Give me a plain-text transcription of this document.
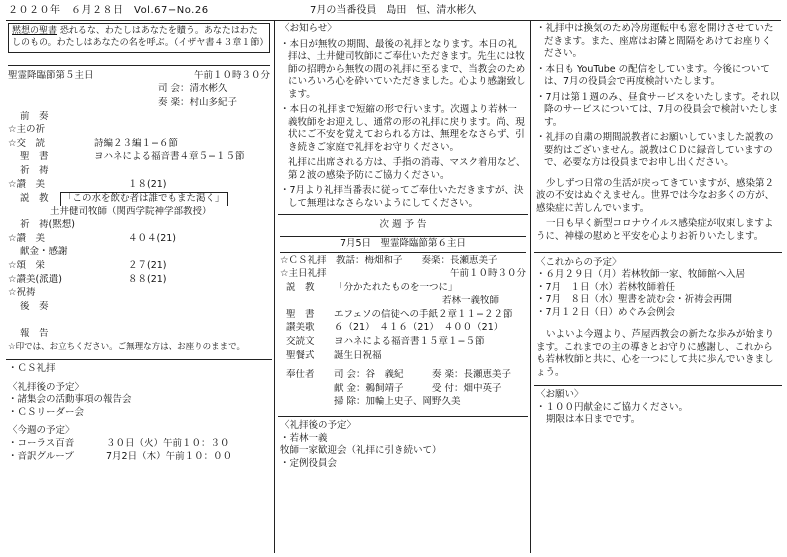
２０２０年　６月２８日　Vol.67−No.26	7月の当番役員　島田　恒、清水彬久
黙想の聖書 恐れるな、わたしはあなたを贖う。あなたはわたしのもの。わたしはあなたの名を呼ぶ。（イザヤ書４３章１節）
聖霊降臨節第５主日	午前１０時３０分
司 会：清水彬久
奏 楽：村山多紀子
前　奏
☆主の祈
☆交　読	詩編２３編１−６節
聖　書	ヨハネによる福音書４章５−１５節
祈　祷
☆讃　美	１８(21)
説　教	「この水を飲む者は誰でもまた渇く」
土井健司牧師（関西学院神学部教授）
祈　祷(黙想)
☆讃　美	４０４(21)
献金・感謝
☆頌　栄	２７(21)
☆讃美(派遣)	８８(21)
☆祝祷
後　奏
報　告
☆印では、お立ちください。ご無理な方は、お座りのままで。

・ＣＳ礼拝

〈礼拝後の予定〉

・諸集会の活動事項の報告会

・ＣＳリーダー会

〈今週の予定〉

・コーラス百音	３０日（火）午前１０：３０
・音訳グループ	7月2日（木）午前１０：００

〈お知らせ〉

・本日が無牧の期間、最後の礼拝となります。本日の礼拝は、土井健司牧師にご奉仕いただきます。先生には牧師の招聘から無牧の間の礼拝に至るまで、当教会のためにいろいろ心を砕いていただきました。心より感謝致します。

・本日の礼拝まで短縮の形で行います。次週より若林一義牧師をお迎えし、通常の形の礼拝に戻ります。尚、現状にご不安を覚えておられる方は、無理をなさらず、引き続きご家庭で礼拝をお守りください。

礼拝に出席される方は、手指の消毒、マスク着用など、第２波の感染予防にご協力ください。

・7月より礼拝当番表に従ってご奉仕いただきますが、決して無理はなさらないようにしてください。

次 週 予 告
7月5日　聖霊降臨節第６主日
☆ＣＳ礼拝　教話：梅畑和子　　奏楽：長瀬恵美子
☆主日礼拝	午前１０時３０分
説　教	「分かたれたものを一つに」
若林一義牧師
聖　書	エフェソの信徒への手紙２章１１−２２節
讃美歌	６（21）　４１６（21）　４００（21）
交読文	ヨハネによる福音書１５章１−５節
聖餐式	誕生日祝福
奉仕者	司 会：谷　義紀　　　奏 楽：長瀬恵美子
献 金：鵜飼靖子　　　受 付：畑中英子
掃 除：加輪上史子、岡野久美

〈礼拝後の予定〉

・若林一義

牧師一家歓迎会（礼拝に引き続いて）

・定例役員会

・礼拝中は換気のため冷房運転中も窓を開けさせていただきます。また、座席はお隣と間隔をあけてお座りください。

・本日も YouTube の配信をしています。今後については、7月の役員会で再度検討いたします。

・7月は第１週のみ、昼食サービスをいたします。それ以降のサービスについては、7月の役員会で検討いたします。

・礼拝の自粛の期間説教者にお願いしていました説教の要約はございません。説教はＣＤに録音していますので、必要な方は役員までお申し出ください。

少しずつ日常の生活が戻ってきていますが、感染第２波の不安はぬぐえません。世界では今なお多くの方が、感染症に苦しんでいます。

一日も早く新型コロナウイルス感染症が収束しますように、神様の慰めと平安を心よりお祈りいたします。

〈これからの予定〉

・６月２９日（月）若林牧師一家、牧師館へ入居

・7月　１日（水）若林牧師着任

・7月　８日（水）聖書を読む会・祈祷会再開

・7月１２日（日）めぐみ会例会

いよいよ今週より、芦屋西教会の新たな歩みが始まります。これまでの主の導きとお守りに感謝し、これからも若林牧師と共に、心を一つにして共に歩んでいきましょう。

〈お願い〉

・１００円献金にご協力ください。

期限は本日までです。
